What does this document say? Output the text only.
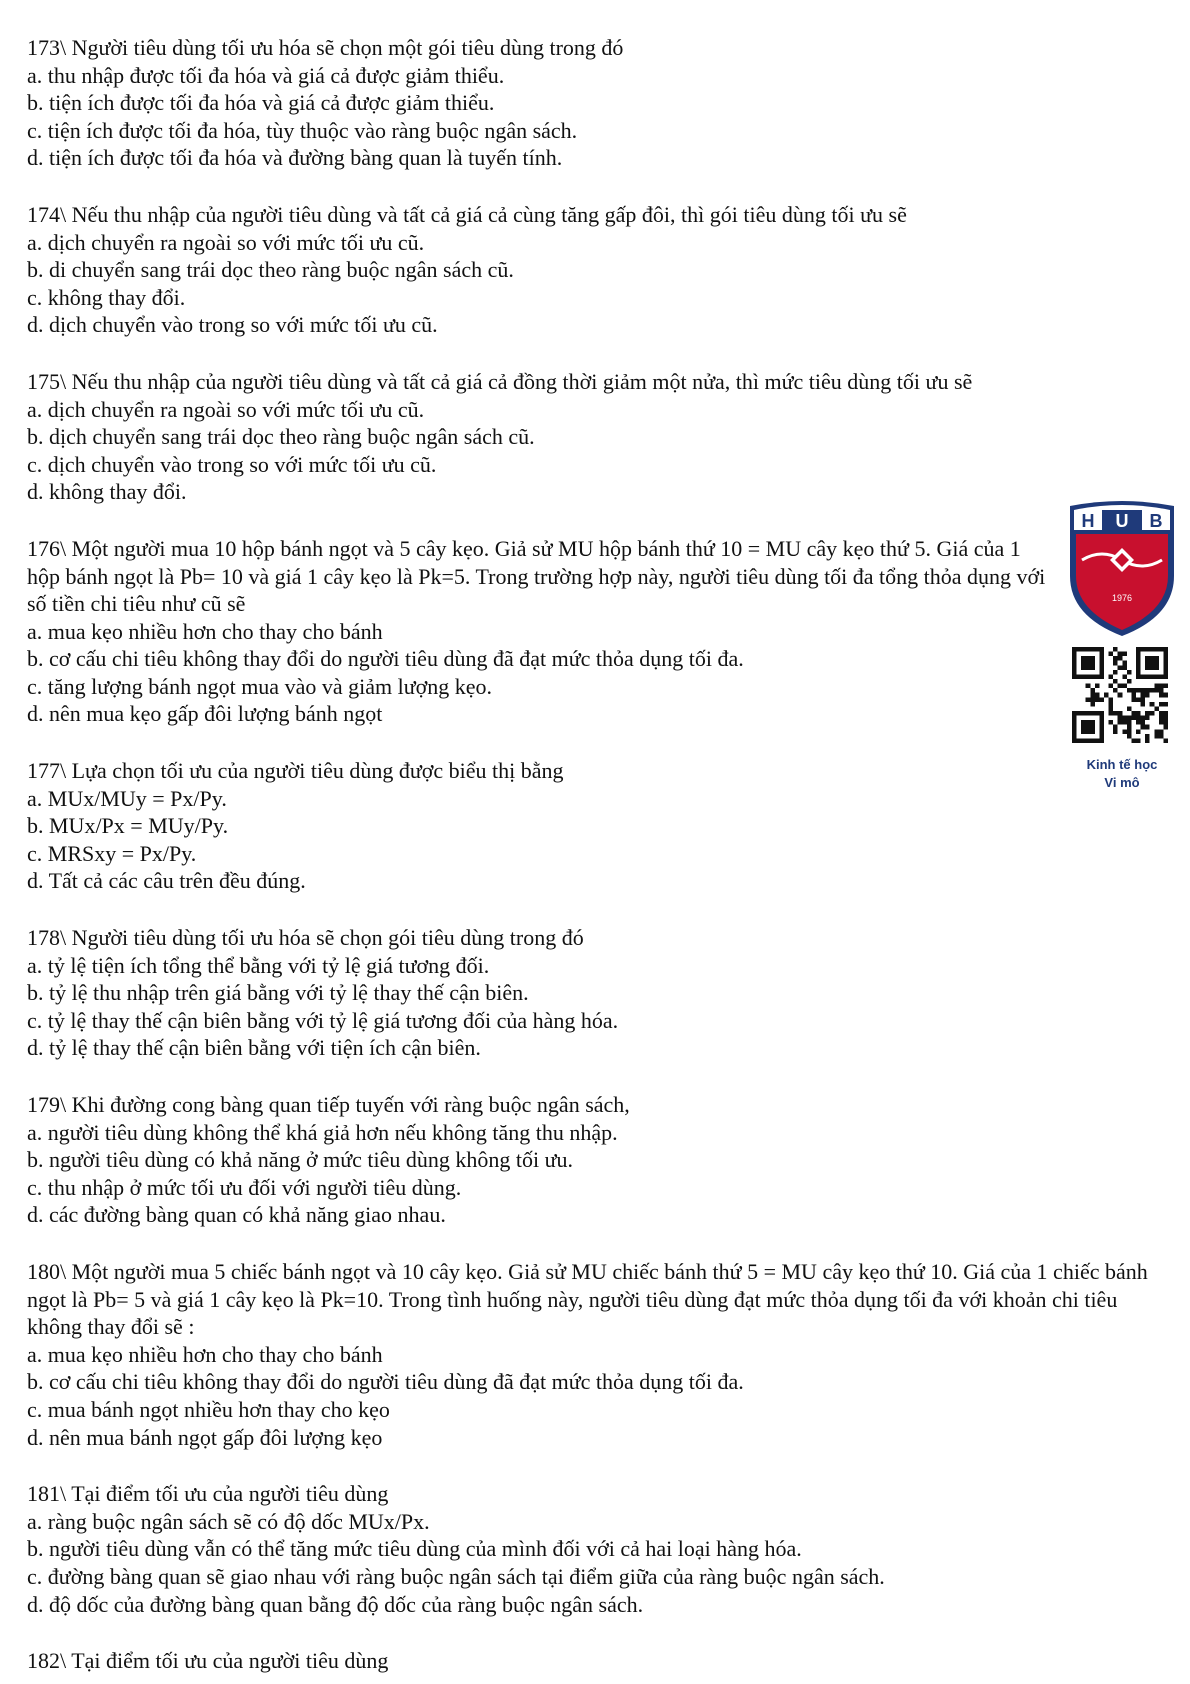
173\ Người tiêu dùng tối ưu hóa sẽ chọn một gói tiêu dùng trong đó
a. thu nhập được tối đa hóa và giá cả được giảm thiểu.
b. tiện ích được tối đa hóa và giá cả được giảm thiểu.
c. tiện ích được tối đa hóa, tùy thuộc vào ràng buộc ngân sách.
d. tiện ích được tối đa hóa và đường bàng quan là tuyến tính.
174\ Nếu thu nhập của người tiêu dùng và tất cả giá cả cùng tăng gấp đôi, thì gói tiêu dùng tối ưu sẽ
a. dịch chuyển ra ngoài so với mức tối ưu cũ.
b. di chuyển sang trái dọc theo ràng buộc ngân sách cũ.
c. không thay đổi.
d. dịch chuyển vào trong so với mức tối ưu cũ.
175\ Nếu thu nhập của người tiêu dùng và tất cả giá cả đồng thời giảm một nửa, thì mức tiêu dùng tối ưu sẽ
a. dịch chuyển ra ngoài so với mức tối ưu cũ.
b. dịch chuyển sang trái dọc theo ràng buộc ngân sách cũ.
c. dịch chuyển vào trong so với mức tối ưu cũ.
d. không thay đổi.
176\ Một người mua 10 hộp bánh ngọt và 5 cây kẹo. Giả sử MU hộp bánh thứ 10 = MU cây kẹo thứ 5. Giá của 1 hộp bánh ngọt là Pb= 10 và giá 1 cây kẹo là Pk=5. Trong trường hợp này, người tiêu dùng tối đa tổng thỏa dụng với số tiền chi tiêu như cũ sẽ
a. mua kẹo nhiều hơn cho thay cho bánh
b. cơ cấu chi tiêu không thay đổi do người tiêu dùng đã đạt mức thỏa dụng tối đa.
c. tăng lượng bánh ngọt mua vào và giảm lượng kẹo.
d. nên mua kẹo gấp đôi lượng bánh ngọt
177\ Lựa chọn tối ưu của người tiêu dùng được biểu thị bằng
a. MUx/MUy = Px/Py.
b. MUx/Px = MUy/Py.
c. MRSxy = Px/Py.
d. Tất cả các câu trên đều đúng.
178\ Người tiêu dùng tối ưu hóa sẽ chọn gói tiêu dùng trong đó
a. tỷ lệ tiện ích tổng thể bằng với tỷ lệ giá tương đối.
b. tỷ lệ thu nhập trên giá bằng với tỷ lệ thay thế cận biên.
c. tỷ lệ thay thế cận biên bằng với tỷ lệ giá tương đối của hàng hóa.
d. tỷ lệ thay thế cận biên bằng với tiện ích cận biên.
179\ Khi đường cong bàng quan tiếp tuyến với ràng buộc ngân sách,
a. người tiêu dùng không thể khá giả hơn nếu không tăng thu nhập.
b. người tiêu dùng có khả năng ở mức tiêu dùng không tối ưu.
c. thu nhập ở mức tối ưu đối với người tiêu dùng.
d. các đường bàng quan có khả năng giao nhau.
180\ Một người mua 5 chiếc bánh ngọt và 10 cây kẹo. Giả sử MU chiếc bánh thứ 5 = MU cây kẹo thứ 10. Giá của 1 chiếc bánh ngọt là Pb= 5 và giá 1 cây kẹo là Pk=10. Trong tình huống này, người tiêu dùng đạt mức thỏa dụng tối đa với khoản chi tiêu không thay đổi sẽ :
a. mua kẹo nhiều hơn cho thay cho bánh
b. cơ cấu chi tiêu không thay đổi do người tiêu dùng đã đạt mức thỏa dụng tối đa.
c. mua bánh ngọt nhiều hơn thay cho kẹo
d. nên mua bánh ngọt gấp đôi lượng kẹo
181\ Tại điểm tối ưu của người tiêu dùng
a. ràng buộc ngân sách sẽ có độ dốc MUx/Px.
b. người tiêu dùng vẫn có thể tăng mức tiêu dùng của mình đối với cả hai loại hàng hóa.
c. đường bàng quan sẽ giao nhau với ràng buộc ngân sách tại điểm giữa của ràng buộc ngân sách.
d. độ dốc của đường bàng quan bằng độ dốc của ràng buộc ngân sách.
182\ Tại điểm tối ưu của người tiêu dùng
H U B
1976
Kinh tế học
Vi mô
